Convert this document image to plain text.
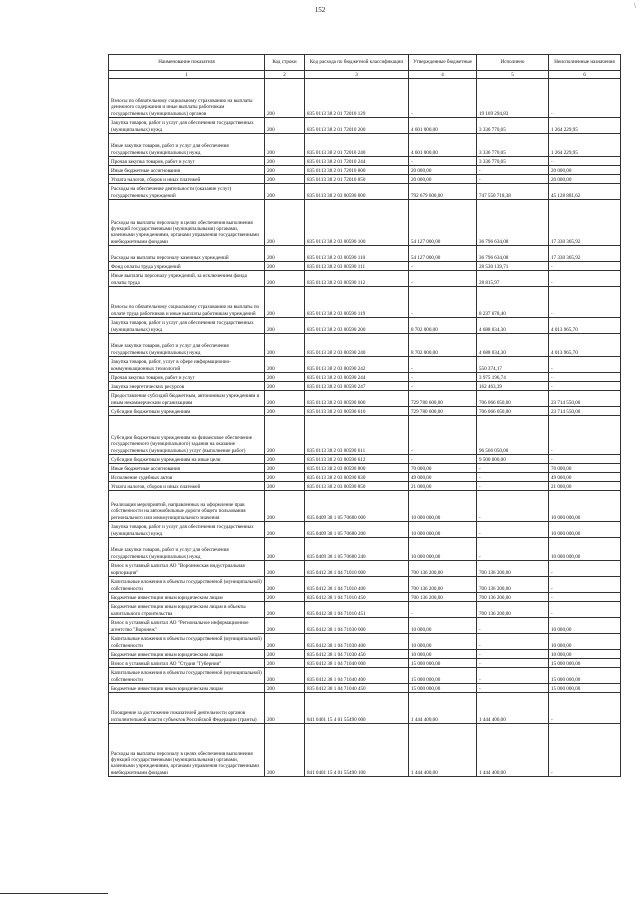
152	\
Наименование показателя	Код строки	Код расхода по бюджетной классификации	Утвержденные бюджетные	Исполнено	Неисполненные назначения
1	2	3	4	5	6
Взносы по обязательному социальному страхованию на выплаты денежного содержания и иные выплаты работникам государственных (муниципальных) органов	200	835 0113 38 2 01 72010 129	-	19 169 294,83	-
Закупка товаров, работ и услуг для обеспечения государственных (муниципальных) нужд	200	835 0113 38 2 01 72010 200	4 601 000,00	3 336 770,05	1 264 229,95
Иные закупки товаров, работ и услуг для обеспечения государственных (муниципальных) нужд	200	835 0113 38 2 01 72010 240	4 601 000,00	3 336 770,05	1 264 229,95
Прочая закупка товаров, работ и услуг	200	835 0113 38 2 01 72010 244	-	3 336 770,05	-
Иные бюджетные ассигнования	200	835 0113 38 2 01 72010 800	20 000,00	-	20 000,00
Уплата налогов, сборов и иных платежей	200	835 0113 38 2 01 72010 850	20 000,00	-	20 000,00
Расходы на обеспечение деятельности (оказание услуг) государственных учреждений	200	835 0113 38 2 03 00590 000	792 679 600,00	747 550 718,38	45 128 881,62
Расходы на выплаты персоналу в целях обеспечения выполнения функций государственными (муниципальными) органами, казенными учреждениями, органами управления государственными внебюджетными фондами	200	835 0113 38 2 03 00590 100	54 127 000,00	36 796 634,08	17 330 365,92
Расходы на выплаты персоналу казенных учреждений	200	835 0113 38 2 03 00590 110	54 127 000,00	36 796 634,08	17 330 365,92
Фонд оплаты труда учреждений	200	835 0113 38 2 03 00590 111	-	28 530 139,71	-
Иные выплаты персоналу учреждений, за исключением фонда оплаты труда	200	835 0113 38 2 03 00590 112	-	28 815,97	-
Взносы по обязательному социальному страхованию на выплаты по оплате труда работников и иные выплаты работникам учреждений	200	835 0113 38 2 03 00590 119	-	8 237 678,40	-
Закупка товаров, работ и услуг для обеспечения государственных (муниципальных) нужд	200	835 0113 38 2 03 00590 200	8 702 000,00	4 688 034,30	4 013 965,70
Иные закупки товаров, работ и услуг для обеспечения государственных (муниципальных) нужд	200	835 0113 38 2 03 00590 240	8 702 000,00	4 688 034,30	4 013 965,70
Закупка товаров, работ, услуг в сфере информационно-коммуникационных технологий	200	835 0113 38 2 03 00590 242	-	550 374,17	-
Прочая закупка товаров, работ и услуг	200	835 0113 38 2 03 00590 244	-	3 975 196,74	-
Закупка энергетических ресурсов	200	835 0113 38 2 03 00590 247	-	162 463,39	-
Предоставление субсидий бюджетным, автономным учреждениям и иным некоммерческим организациям	200	835 0113 38 2 03 00590 600	729 780 600,00	706 066 050,00	23 714 550,00
Субсидии бюджетным учреждениям	200	835 0113 38 2 03 00590 610	729 780 600,00	706 066 050,00	23 714 550,00
Субсидии бюджетным учреждениям на финансовое обеспечение государственного (муниципального) задания на оказание государственных (муниципальных) услуг (выполнение работ)	200	835 0113 38 2 03 00590 611	-	96 566 050,00	-
Субсидии бюджетным учреждениям на иные цели	200	835 0113 38 2 03 00590 612	-	9 500 000,00	-
Иные бюджетные ассигнования	200	835 0113 38 2 03 00590 800	70 000,00	-	70 000,00
Исполнение судебных актов	200	835 0113 38 2 03 00590 830	49 000,00	-	49 000,00
Уплата налогов, сборов и иных платежей	200	835 0113 38 2 03 00590 850	21 000,00	-	21 000,00
Реализация мероприятий, направленных на оформление прав собственности на автомобильные дороги общего пользования регионального или межмуниципального значения	200	835 0409 38 1 05 70680 000	10 000 000,00	-	10 000 000,00
Закупка товаров, работ и услуг для обеспечения государственных (муниципальных) нужд	200	835 0409 38 1 05 70680 200	10 000 000,00	-	10 000 000,00
Иные закупки товаров, работ и услуг для обеспечения государственных (муниципальных) нужд	200	835 0409 38 1 05 70680 240	10 000 000,00	-	10 000 000,00
Взнос в уставный капитал АО "Воронежская индустриальная корпорация"	200	835 0412 38 1 04 71010 000	700 136 200,00	700 136 200,00	-
Капитальные вложения в объекты государственной (муниципальной) собственности	200	835 0412 38 1 04 71010 400	700 136 200,00	700 136 200,00	-
Бюджетные инвестиции иным юридическим лицам	200	835 0412 38 1 04 71010 450	700 136 200,00	700 136 200,00	-
Бюджетные инвестиции иным юридическим лицам в объекты капитального строительства	200	835 0412 38 1 04 71010 451	-	700 136 200,00	-
Взнос в уставный капитал АО "Региональное информационное агентство "Воронеж"	200	835 0412 38 1 04 71030 000	10 000,00	-	10 000,00
Капитальные вложения в объекты государственной (муниципальной) собственности	200	835 0412 38 1 04 71030 400	10 000,00	-	10 000,00
Бюджетные инвестиции иным юридическим лицам	200	835 0412 38 1 04 71030 450	10 000,00	-	10 000,00
Взнос в уставный капитал АО "Студия "Губерния"	200	835 0412 38 1 04 71040 000	15 000 000,00	-	15 000 000,00
Капитальные вложения в объекты государственной (муниципальной) собственности	200	835 0412 38 1 04 71040 400	15 000 000,00	-	15 000 000,00
Бюджетные инвестиции иным юридическим лицам	200	835 0412 38 1 04 71040 450	15 000 000,00	-	15 000 000,00
Поощрение за достижение показателей деятельности органов исполнительной власти субъектов Российской Федерации (гранты)	200	841 0401 15 4 01 55490 000	1 444 400,00	1 444 400,00	-
Расходы на выплаты персоналу в целях обеспечения выполнения функций государственными (муниципальными) органами, казенными учреждениями, органами управления государственными внебюджетными фондами	200	841 0401 15 4 01 55490 100	1 444 400,00	1 444 400,00	-
